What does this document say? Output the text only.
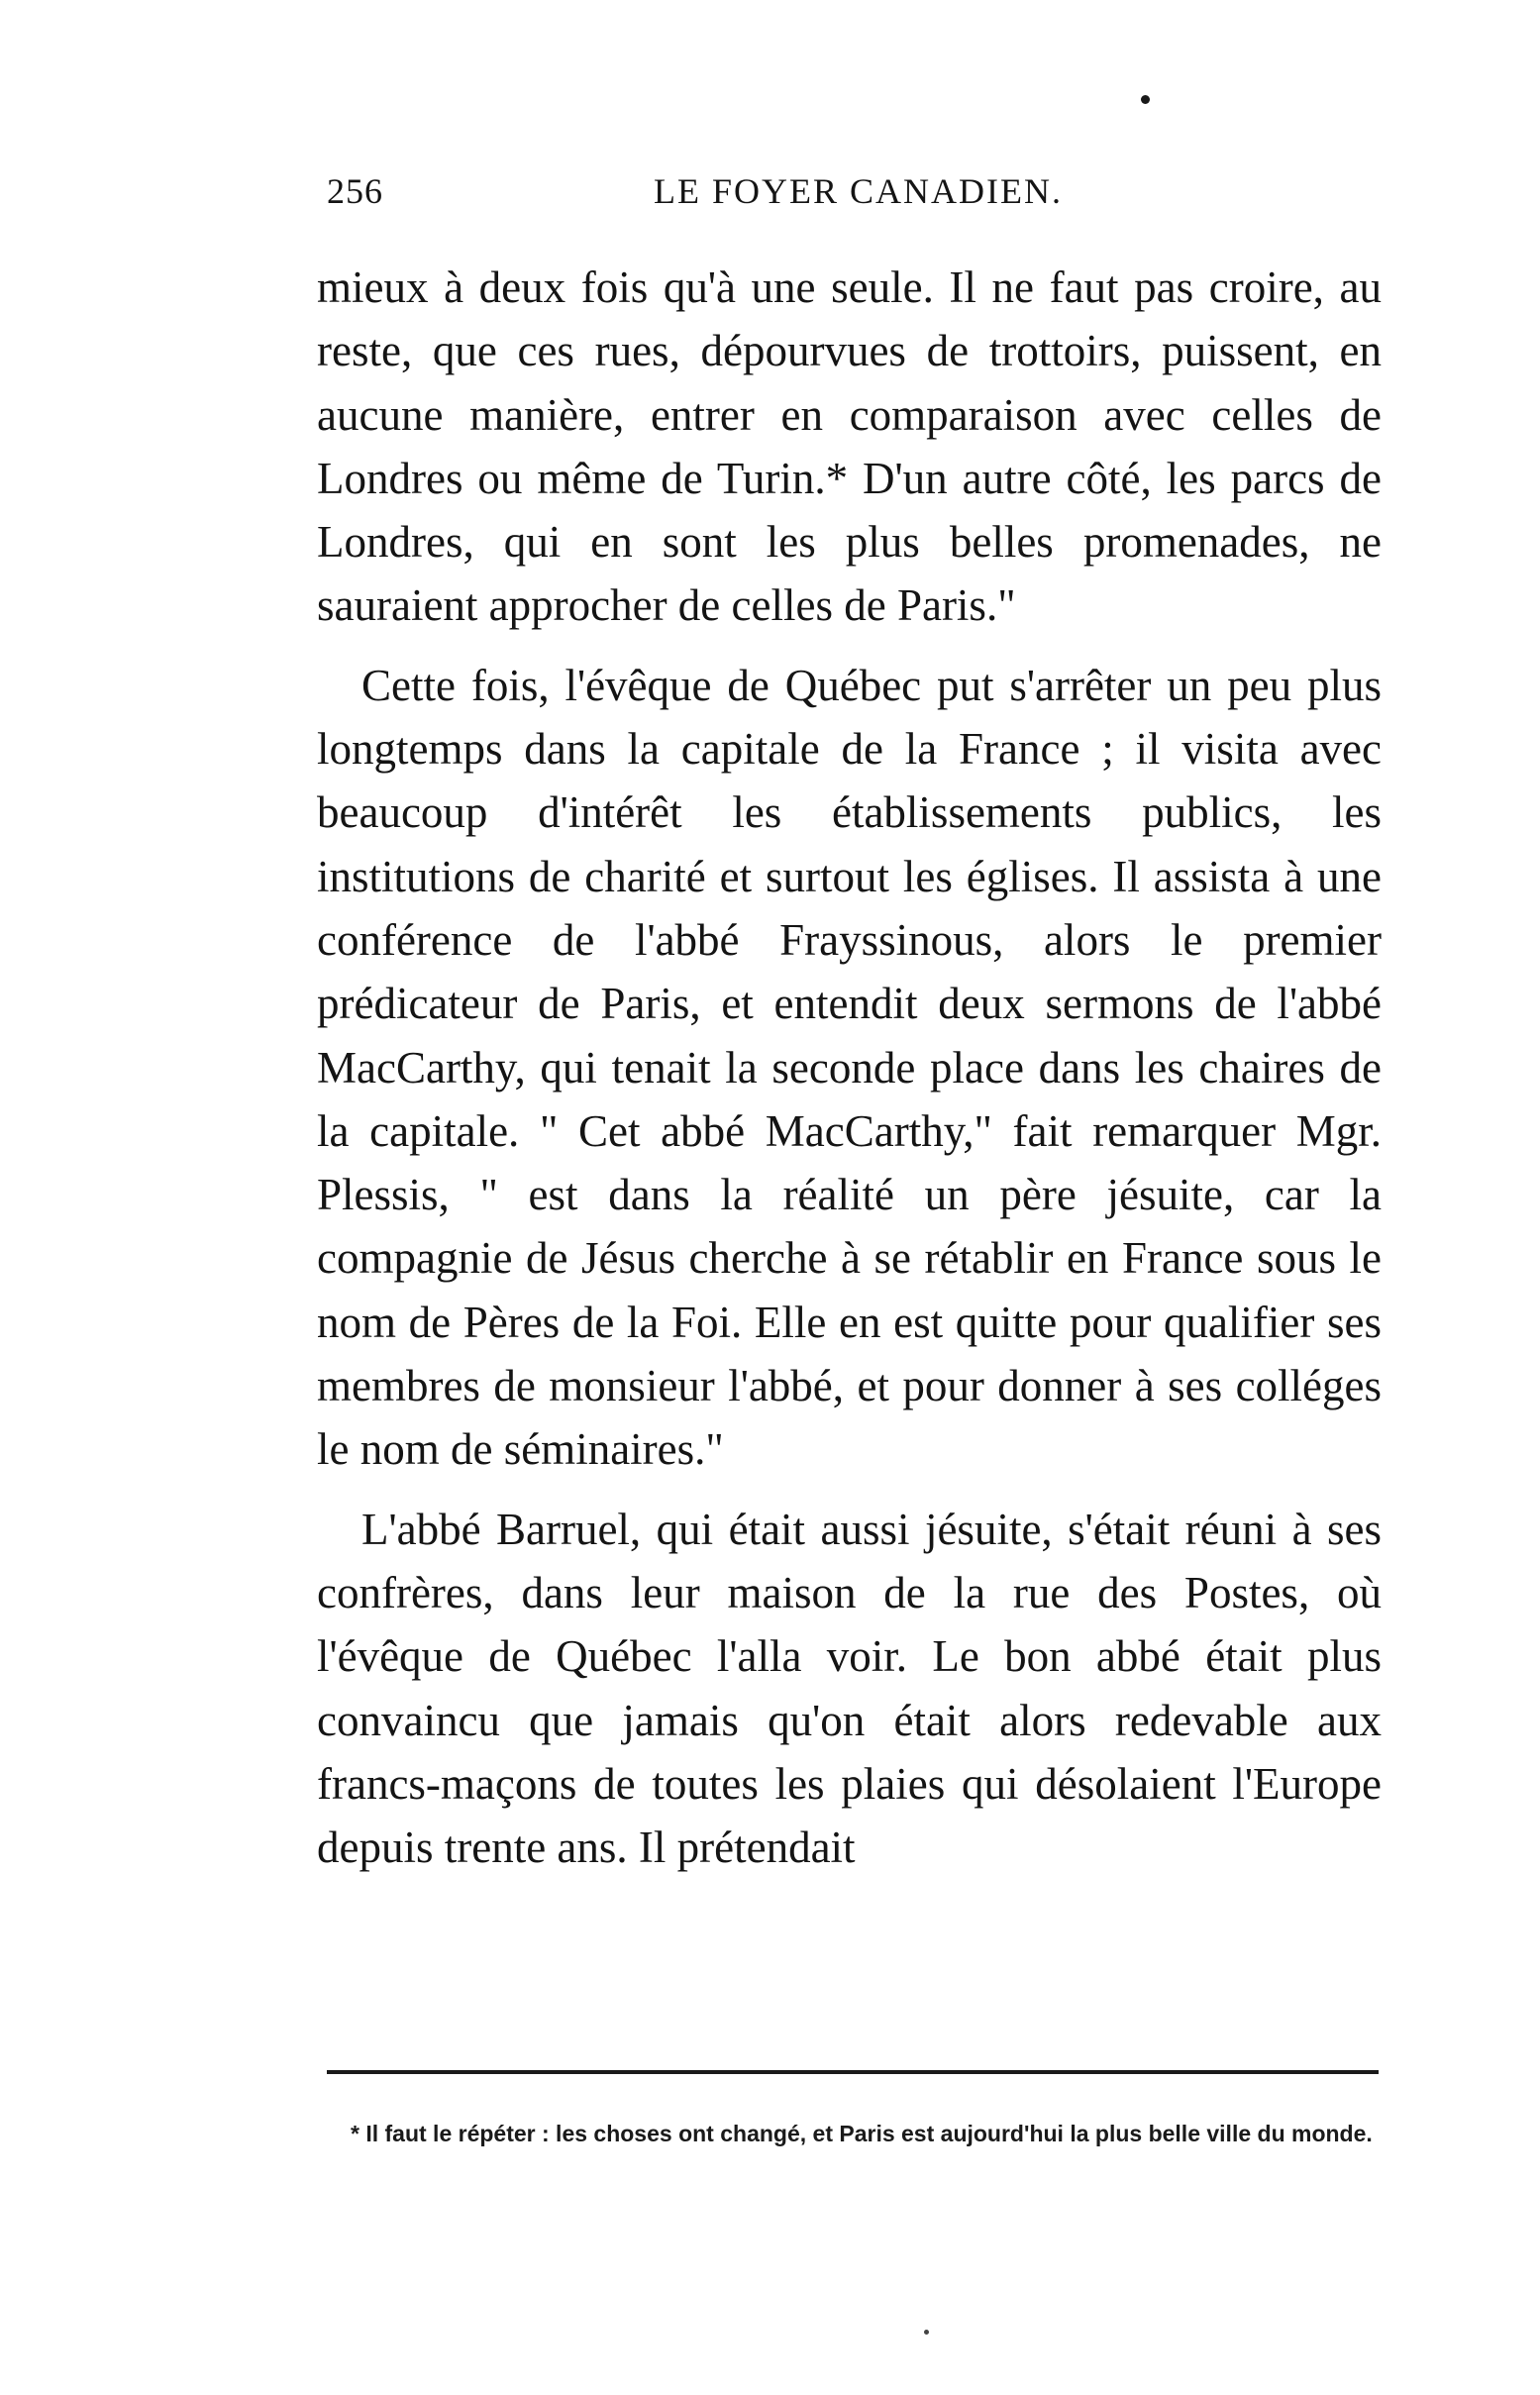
256	LE FOYER CANADIEN.

mieux à deux fois qu'à une seule. Il ne faut pas croire, au reste, que ces rues, dépourvues de trottoirs, puissent, en aucune manière, entrer en comparaison avec celles de Londres ou même de Turin.* D'un autre côté, les parcs de Londres, qui en sont les plus belles promenades, ne sauraient approcher de celles de Paris."

Cette fois, l'évêque de Québec put s'arrêter un peu plus longtemps dans la capitale de la France ; il visita avec beaucoup d'intérêt les établissements publics, les institutions de charité et surtout les églises. Il assista à une conférence de l'abbé Frayssinous, alors le premier prédicateur de Paris, et entendit deux sermons de l'abbé MacCarthy, qui tenait la seconde place dans les chaires de la capitale. " Cet abbé MacCarthy," fait remarquer Mgr. Plessis, " est dans la réalité un père jésuite, car la compagnie de Jésus cherche à se rétablir en France sous le nom de Pères de la Foi. Elle en est quitte pour qualifier ses membres de monsieur l'abbé, et pour donner à ses colléges le nom de séminaires."

L'abbé Barruel, qui était aussi jésuite, s'était réuni à ses confrères, dans leur maison de la rue des Postes, où l'évêque de Québec l'alla voir. Le bon abbé était plus convaincu que jamais qu'on était alors redevable aux francs-maçons de toutes les plaies qui désolaient l'Europe depuis trente ans. Il prétendait

* Il faut le répéter : les choses ont changé, et Paris est aujourd'hui la plus belle ville du monde.
